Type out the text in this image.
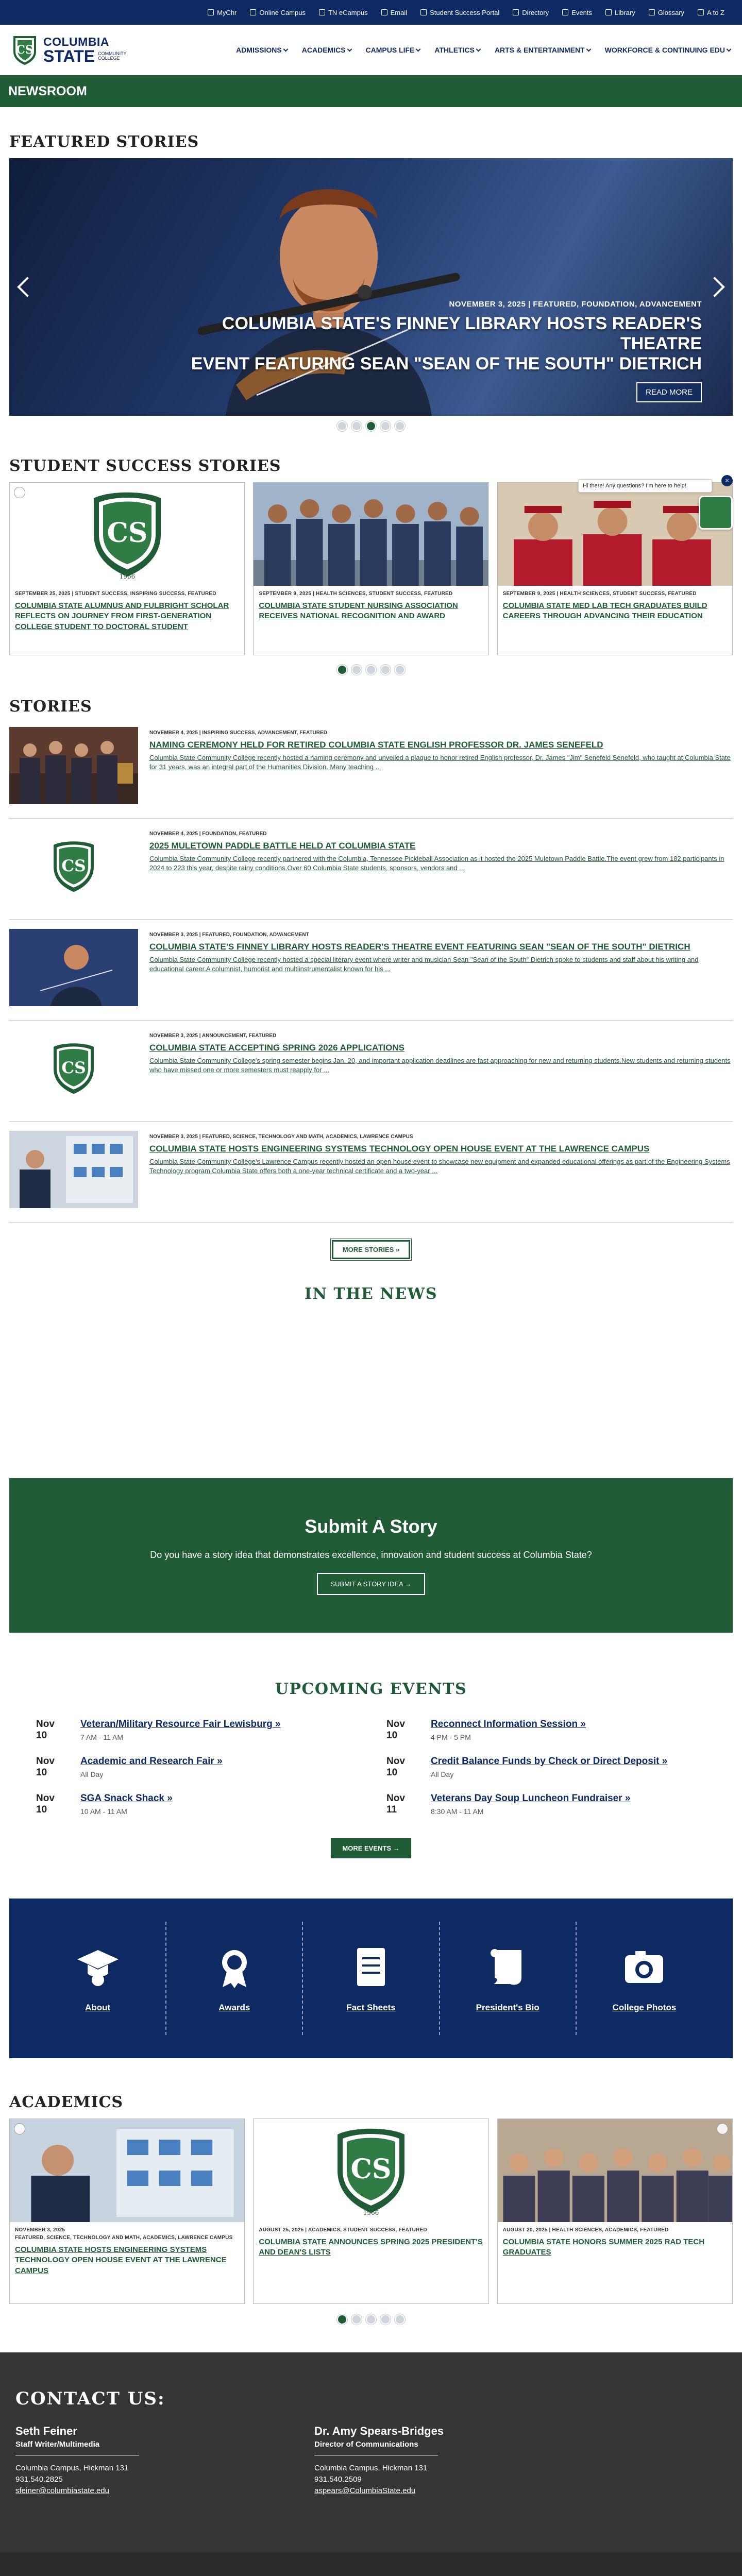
MyChr	Online Campus	TN eCampus	Email	Student Success Portal	Directory	Events	Library	Glossary	A to Z
CS
COLUMBIA
STATE COMMUNITY
COLLEGE
ADMISSIONS	ACADEMICS	CAMPUS LIFE	ATHLETICS	ARTS & ENTERTAINMENT	WORKFORCE & CONTINUING EDU
NEWSROOM
FEATURED STORIES
NOVEMBER 3, 2025 | FEATURED, FOUNDATION, ADVANCEMENT
COLUMBIA STATE'S FINNEY LIBRARY HOSTS READER'S THEATRE
EVENT FEATURING SEAN "SEAN OF THE SOUTH" DIETRICH
READ MORE
STUDENT SUCCESS STORIES
CS
1966
SEPTEMBER 25, 2025 | STUDENT SUCCESS, INSPIRING SUCCESS, FEATURED
COLUMBIA STATE ALUMNUS AND FULBRIGHT SCHOLAR REFLECTS ON JOURNEY FROM FIRST-GENERATION COLLEGE STUDENT TO DOCTORAL STUDENT
SEPTEMBER 9, 2025 | HEALTH SCIENCES, STUDENT SUCCESS, FEATURED
COLUMBIA STATE STUDENT NURSING ASSOCIATION RECEIVES NATIONAL RECOGNITION AND AWARD
SEPTEMBER 9, 2025 | HEALTH SCIENCES, STUDENT SUCCESS, FEATURED
COLUMBIA STATE MED LAB TECH GRADUATES BUILD CAREERS THROUGH ADVANCING THEIR EDUCATION
Hi there! Any questions? I'm here to help!
×
STORIES
NOVEMBER 4, 2025 | INSPIRING SUCCESS, ADVANCEMENT, FEATURED
NAMING CEREMONY HELD FOR RETIRED COLUMBIA STATE ENGLISH PROFESSOR DR. JAMES SENEFELD
Columbia State Community College recently hosted a naming ceremony and unveiled a plaque to honor retired English professor, Dr. James "Jim" Senefeld Senefeld, who taught at Columbia State for 31 years, was an integral part of the Humanities Division. Many teaching ...
CS
NOVEMBER 4, 2025 | FOUNDATION, FEATURED
2025 MULETOWN PADDLE BATTLE HELD AT COLUMBIA STATE
Columbia State Community College recently partnered with the Columbia, Tennessee Pickleball Association as it hosted the 2025 Muletown Paddle Battle.The event grew from 182 participants in 2024 to 223 this year, despite rainy conditions.Over 60 Columbia State students, sponsors, vendors and ...
NOVEMBER 3, 2025 | FEATURED, FOUNDATION, ADVANCEMENT
COLUMBIA STATE'S FINNEY LIBRARY HOSTS READER'S THEATRE EVENT FEATURING SEAN "SEAN OF THE SOUTH" DIETRICH
Columbia State Community College recently hosted a special literary event where writer and musician Sean "Sean of the South" Dietrich spoke to students and staff about his writing and educational career.A columnist, humorist and multiinstrumentalist known for his ...
CS
NOVEMBER 3, 2025 | ANNOUNCEMENT, FEATURED
COLUMBIA STATE ACCEPTING SPRING 2026 APPLICATIONS
Columbia State Community College's spring semester begins Jan. 20, and important application deadlines are fast approaching for new and returning students.New students and returning students who have missed one or more semesters must reapply for ...
NOVEMBER 3, 2025 | FEATURED, SCIENCE, TECHNOLOGY AND MATH, ACADEMICS, LAWRENCE CAMPUS
COLUMBIA STATE HOSTS ENGINEERING SYSTEMS TECHNOLOGY OPEN HOUSE EVENT AT THE LAWRENCE CAMPUS
Columbia State Community College's Lawrence Campus recently hosted an open house event to showcase new equipment and expanded educational offerings as part of the Engineering Systems Technology program.Columbia State offers both a one-year technical certificate and a two-year ...
MORE STORIES »
IN THE NEWS
Submit A Story

Do you have a story idea that demonstrates excellence, innovation and student success at Columbia State?

SUBMIT A STORY IDEA →
UPCOMING EVENTS
Nov 10
Veteran/Military Resource Fair Lewisburg »
7 AM - 11 AM
Nov 10
Reconnect Information Session »
4 PM - 5 PM
Nov 10
Academic and Research Fair »
All Day
Nov 10
Credit Balance Funds by Check or Direct Deposit »
All Day
Nov 10
SGA Snack Shack »
10 AM - 11 AM
Nov 11
Veterans Day Soup Luncheon Fundraiser »
8:30 AM - 11 AM
MORE EVENTS →
About	Awards	Fact Sheets	President's Bio	College Photos
ACADEMICS
NOVEMBER 3, 2025
FEATURED, SCIENCE, TECHNOLOGY AND MATH, ACADEMICS, LAWRENCE CAMPUS
COLUMBIA STATE HOSTS ENGINEERING SYSTEMS TECHNOLOGY OPEN HOUSE EVENT AT THE LAWRENCE CAMPUS
CS
1966
AUGUST 25, 2025 | ACADEMICS, STUDENT SUCCESS, FEATURED
COLUMBIA STATE ANNOUNCES SPRING 2025 PRESIDENT'S AND DEAN'S LISTS
AUGUST 20, 2025 | HEALTH SCIENCES, ACADEMICS, FEATURED
COLUMBIA STATE HONORS SUMMER 2025 RAD TECH GRADUATES
CONTACT US:
Seth Feiner
Staff Writer/Multimedia
Columbia Campus, Hickman 131
931.540.2825
sfeiner@columbiastate.edu
Dr. Amy Spears-Bridges
Director of Communications
Columbia Campus, Hickman 131
931.540.2509
aspears@ColumbiaState.edu
